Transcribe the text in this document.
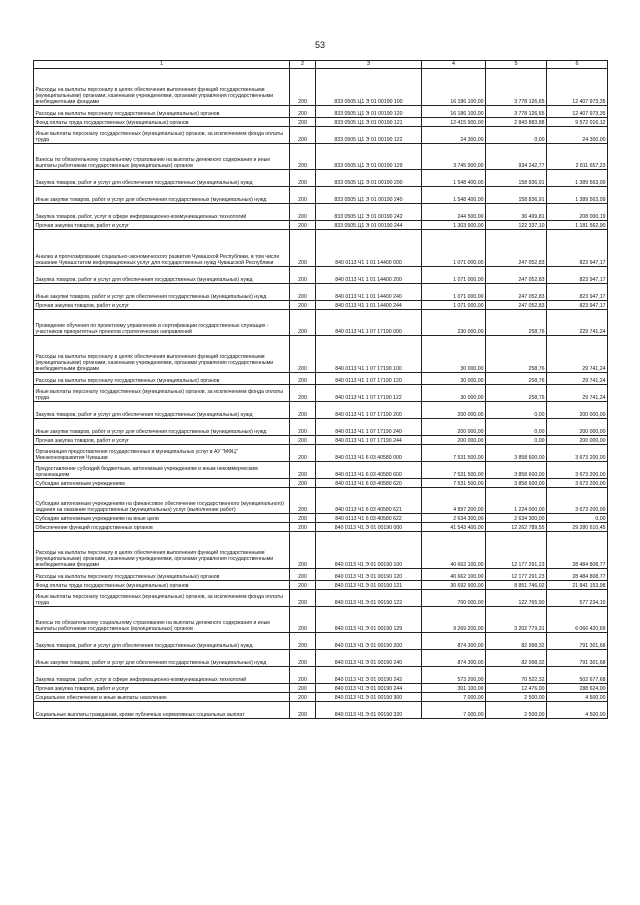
53
1	2	3	4	5	6
Расходы на выплаты персоналу в целях обеспечения выполнения функций государственными (муниципальными) органами, казенными учреждениями, органами управления государственными внебюджетными фондами	200	833 0505 Ц1 Э 01 00190 100	16 186 100,00	3 778 126,65	12 407 973,35
Расходы на выплаты персоналу государственных (муниципальных) органов	200	833 0505 Ц1 Э 01 00190 120	16 186 100,00	3 778 126,65	12 407 973,35
Фонд оплаты труда государственных (муниципальных) органов	200	833 0505 Ц1 Э 01 00190 121	12 415 900,00	2 843 883,88	9 572 016,12
Иные выплаты персоналу государственных (муниципальных) органов, за исключением фонда оплаты труда	200	833 0505 Ц1 Э 01 00190 122	24 300,00	0,00	24 300,00
Взносы по обязательному социальному страхованию на выплаты денежного содержания и иные выплаты работникам государственных (муниципальных) органов	200	833 0505 Ц1 Э 01 00190 129	3 745 900,00	934 242,77	2 811 657,23
Закупка товаров, работ и услуг для обеспечения государственных (муниципальных) нужд	200	833 0505 Ц1 Э 01 00190 200	1 548 400,00	158 836,91	1 389 563,09
Иные закупки товаров, работ и услуг для обеспечения государственных (муниципальных) нужд	200	833 0505 Ц1 Э 01 00190 240	1 548 400,00	158 836,91	1 389 563,09
Закупка товаров, работ, услуг в сфере информационно-коммуникационных технологий	200	833 0505 Ц1 Э 01 00190 242	244 500,00	36 499,81	208 000,19
Прочая закупка товаров, работ и услуг	200	833 0505 Ц1 Э 01 00190 244	1 303 900,00	122 337,10	1 181 562,90
Анализ и прогнозирование социально-экономического развития Чувашской Республики, в том числе оказание Чувашстатом информационных услуг для государственных нужд Чувашской Республики	200	840 0113 Ч1 1 01 14400 000	1 071 000,00	247 052,83	823 947,17
Закупка товаров, работ и услуг для обеспечения государственных (муниципальных) нужд	200	840 0113 Ч1 1 01 14400 200	1 071 000,00	247 052,83	823 947,17
Иные закупки товаров, работ и услуг для обеспечения государственных (муниципальных) нужд	200	840 0113 Ч1 1 01 14400 240	1 071 000,00	247 052,83	823 947,17
Прочая закупка товаров, работ и услуг	200	840 0113 Ч1 1 01 14400 244	1 071 000,00	247 052,83	823 947,17
Проведение обучения по проектному управлению и сертификации государственных служащих - участников приоритетных проектов стратегических направлений	200	840 0113 Ч1 1 07 17190 000	230 000,00	258,76	229 741,24
Расходы на выплаты персоналу в целях обеспечения выполнения функций государственными (муниципальными) органами, казенными учреждениями, органами управления государственными внебюджетными фондами	200	840 0113 Ч1 1 07 17190 100	30 000,00	258,76	29 741,24
Расходы на выплаты персоналу государственных (муниципальных) органов	200	840 0113 Ч1 1 07 17190 120	30 000,00	258,76	29 741,24
Иные выплаты персоналу государственных (муниципальных) органов, за исключением фонда оплаты труда	200	840 0113 Ч1 1 07 17190 122	30 000,00	258,76	29 741,24
Закупка товаров, работ и услуг для обеспечения государственных (муниципальных) нужд	200	840 0113 Ч1 1 07 17190 200	200 000,00	0,00	200 000,00
Иные закупки товаров, работ и услуг для обеспечения государственных (муниципальных) нужд	200	840 0113 Ч1 1 07 17190 240	200 000,00	0,00	200 000,00
Прочая закупка товаров, работ и услуг	200	840 0113 Ч1 1 07 17190 244	200 000,00	0,00	200 000,00
Организация предоставления государственных и муниципальных услуг в АУ "МФЦ" Минэкономразвития Чувашии	200	840 0113 Ч1 6 03 40580 000	7 531 500,00	3 858 600,00	3 673 200,00
Предоставление субсидий бюджетным, автономным учреждениям и иным некоммерческим организациям	200	840 0113 Ч1 6 03 40580 600	7 531 500,00	3 858 600,00	3 673 200,00
Субсидии автономным учреждениям	200	840 0113 Ч1 6 03 40580 620	7 531 500,00	3 858 600,00	3 673 200,00
Субсидии автономным учреждениям на финансовое обеспечение государственного (муниципального) задания на оказание государственных (муниципальных) услуг (выполнение работ)	200	840 0113 Ч1 6 03 40580 621	4 897 200,00	1 224 000,00	3 673 200,00
Субсидии автономным учреждениям на иные цели	200	840 0113 Ч1 6 03 40580 622	2 634 300,00	2 634 300,00	0,00
Обеспечение функций государственных органов	200	840 0113 Ч1 Э 01 00190 000	41 543 400,00	12 262 789,55	29 280 610,45
Расходы на выплаты персоналу в целях обеспечения выполнения функций государственными (муниципальными) органами, казенными учреждениями, органами управления государственными внебюджетными фондами	200	840 0113 Ч1 Э 01 00190 100	40 662 100,00	12 177 291,23	28 484 808,77
Расходы на выплаты персоналу государственных (муниципальных) органов	200	840 0113 Ч1 Э 01 00190 120	40 662 100,00	12 177 291,23	28 484 808,77
Фонд оплаты труда государственных (муниципальных) органов	200	840 0113 Ч1 Э 01 00190 121	30 692 900,00	8 851 746,02	21 841 153,98
Иные выплаты персоналу государственных (муниципальных) органов, за исключением фонда оплаты труда	200	840 0113 Ч1 Э 01 00190 122	700 000,00	122 765,90	577 234,10
Взносы по обязательному социальному страхованию на выплаты денежного содержания и иные выплаты работникам государственных (муниципальных) органов	200	840 0113 Ч1 Э 01 00190 129	9 269 200,00	3 202 779,31	6 066 420,69
Закупка товаров, работ и услуг для обеспечения государственных (муниципальных) нужд	200	840 0113 Ч1 Э 01 00190 200	874 300,00	82 998,32	791 301,68
Иные закупки товаров, работ и услуг для обеспечения государственных (муниципальных) нужд	200	840 0113 Ч1 Э 01 00190 240	874 300,00	82 998,32	791 301,68
Закупка товаров, работ, услуг в сфере информационно-коммуникационных технологий	200	840 0113 Ч1 Э 01 00190 242	573 200,00	70 522,32	502 677,68
Прочая закупка товаров, работ и услуг	200	840 0113 Ч1 Э 01 00190 244	301 100,00	12 476,00	288 624,00
Социальное обеспечение и иные выплаты населению	200	840 0113 Ч1 Э 01 00190 300	7 000,00	2 500,00	4 500,00
Социальные выплаты гражданам, кроме публичных нормативных социальных выплат	200	840 0113 Ч1 Э 01 00190 320	7 000,00	2 500,00	4 500,00
